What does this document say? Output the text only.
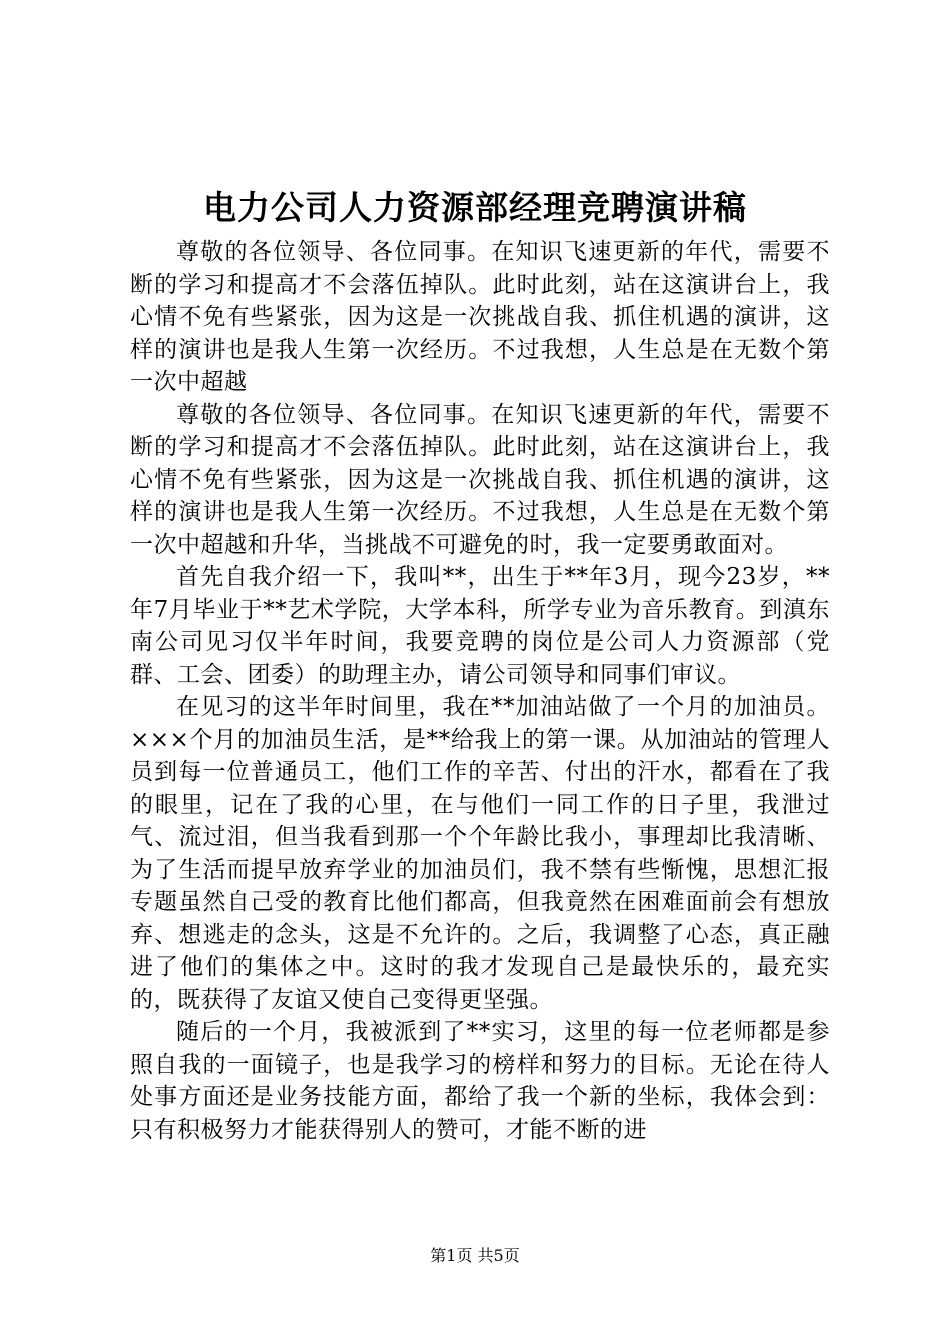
电力公司人力资源部经理竞聘演讲稿

尊敬的各位领导、各位同事。在知识飞速更新的年代，需要不断的学习和提高才不会落伍掉队。此时此刻，站在这演讲台上，我心情不免有些紧张，因为这是一次挑战自我、抓住机遇的演讲，这样的演讲也是我人生第一次经历。不过我想，人生总是在无数个第一次中超越

尊敬的各位领导、各位同事。在知识飞速更新的年代，需要不断的学习和提高才不会落伍掉队。此时此刻，站在这演讲台上，我心情不免有些紧张，因为这是一次挑战自我、抓住机遇的演讲，这样的演讲也是我人生第一次经历。不过我想，人生总是在无数个第一次中超越和升华，当挑战不可避免的时，我一定要勇敢面对。

首先自我介绍一下，我叫**，出生于**年3月，现今23岁，**年7月毕业于**艺术学院，大学本科，所学专业为音乐教育。到滇东南公司见习仅半年时间，我要竞聘的岗位是公司人力资源部（党群、工会、团委）的助理主办，请公司领导和同事们审议。

在见习的这半年时间里，我在**加油站做了一个月的加油员。×××个月的加油员生活，是**给我上的第一课。从加油站的管理人员到每一位普通员工，他们工作的辛苦、付出的汗水，都看在了我的眼里，记在了我的心里，在与他们一同工作的日子里，我泄过气、流过泪，但当我看到那一个个年龄比我小，事理却比我清晰、为了生活而提早放弃学业的加油员们，我不禁有些惭愧，思想汇报专题虽然自己受的教育比他们都高，但我竟然在困难面前会有想放弃、想逃走的念头，这是不允许的。之后，我调整了心态，真正融进了他们的集体之中。这时的我才发现自己是最快乐的，最充实的，既获得了友谊又使自己变得更坚强。

随后的一个月，我被派到了**实习，这里的每一位老师都是参照自我的一面镜子，也是我学习的榜样和努力的目标。无论在待人处事方面还是业务技能方面，都给了我一个新的坐标，我体会到：只有积极努力才能获得别人的赞可，才能不断的进

第1页 共5页
